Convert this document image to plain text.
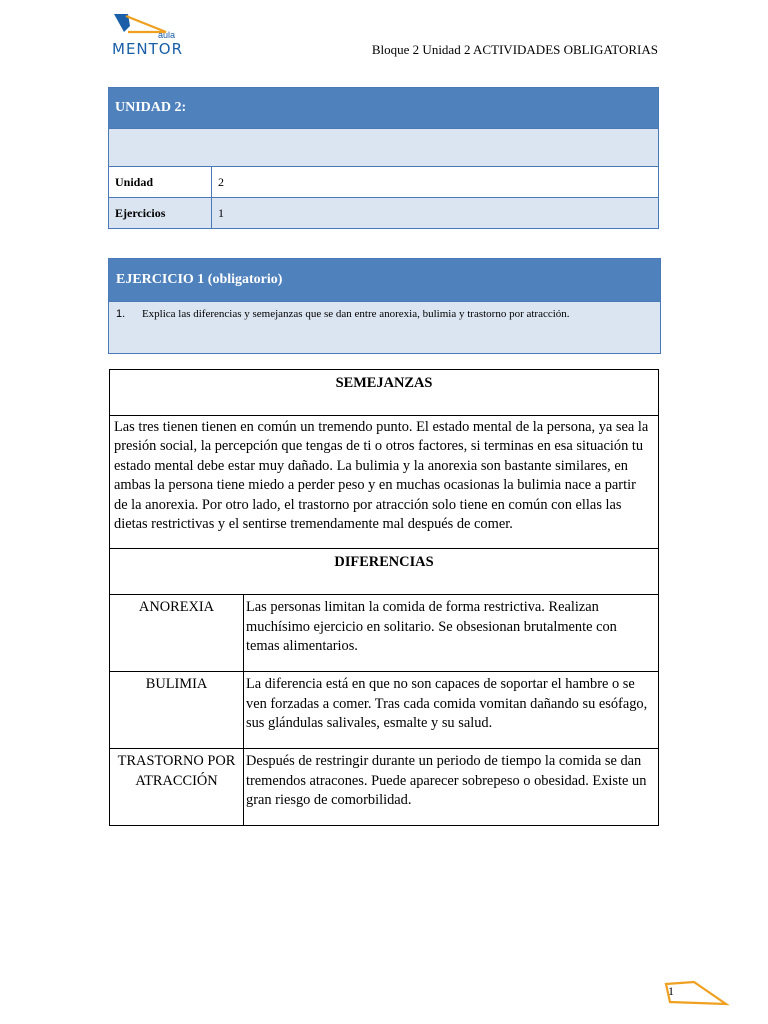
aula
MENTOR	Bloque 2 Unidad 2 ACTIVIDADES OBLIGATORIAS
UNIDAD 2:	

Unidad	2
Ejercicios	1
EJERCICIO 1 (obligatorio)
1. Explica las diferencias y semejanzas que se dan entre anorexia, bulimia y trastorno por atracción.
SEMEJANZAS	
Las tres tienen tienen en común un tremendo punto. El estado mental de la persona, ya sea la presión social, la percepción que tengas de ti o otros factores, si terminas en esa situación tu estado mental debe estar muy dañado. La bulimia y la anorexia son bastante similares, en ambas la persona tiene miedo a perder peso y en muchas ocasionas la bulimia nace a partir de la anorexia. Por otro lado, el trastorno por atracción solo tiene en común con ellas las dietas restrictivas y el sentirse tremendamente mal después de comer.	
DIFERENCIAS	
ANOREXIA	Las personas limitan la comida de forma restrictiva. Realizan muchísimo ejercicio en solitario. Se obsesionan brutalmente con temas alimentarios.
BULIMIA	La diferencia está en que no son capaces de soportar el hambre o se ven forzadas a comer. Tras cada comida vomitan dañando su esófago, sus glándulas salivales, esmalte y su salud.
TRASTORNO POR ATRACCIÓN	Después de restringir durante un periodo de tiempo la comida se dan tremendos atracones. Puede aparecer sobrepeso o obesidad. Existe un gran riesgo de comorbilidad.
1
